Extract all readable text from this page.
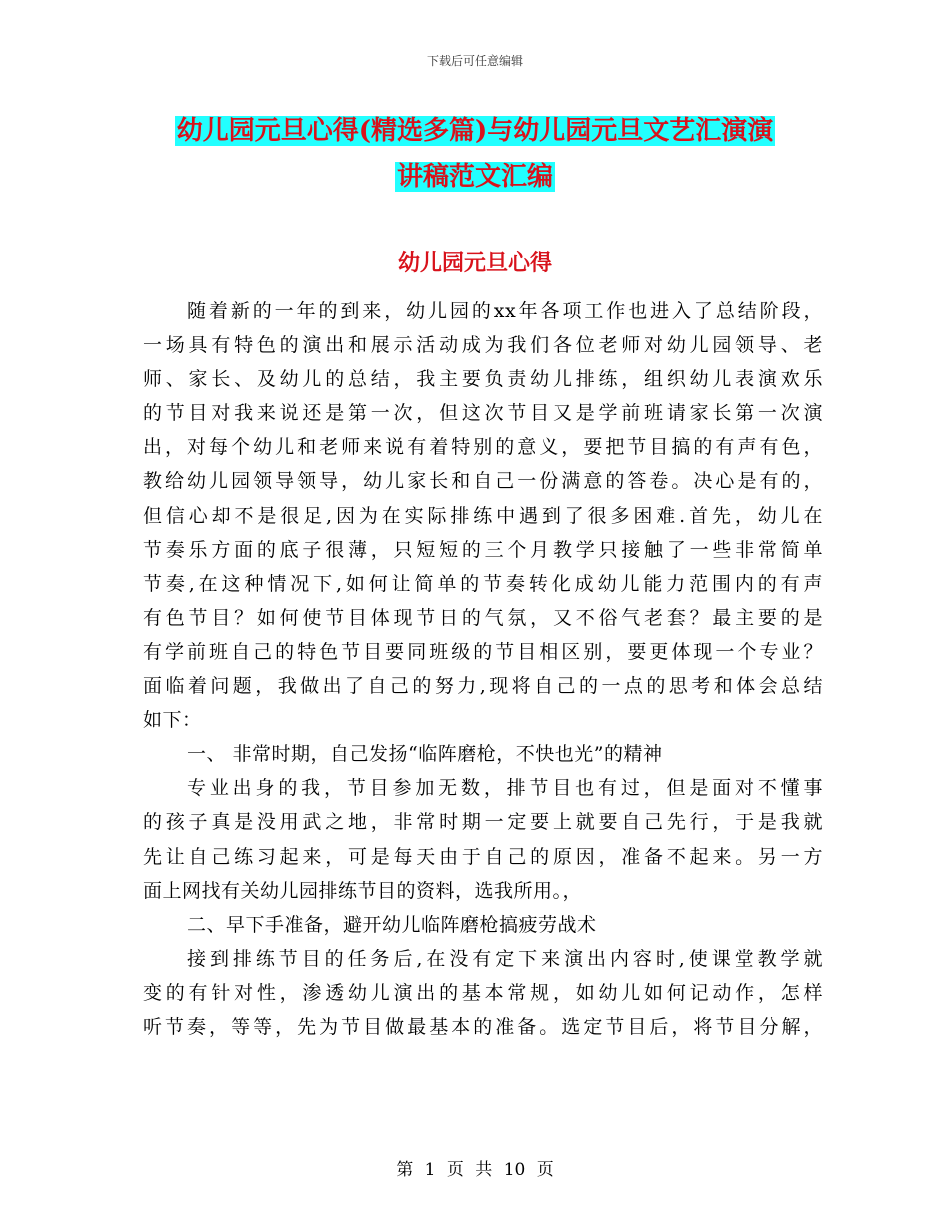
下载后可任意编辑
幼儿园元旦心得(精选多篇)与幼儿园元旦文艺汇演演
讲稿范文汇编
幼儿园元旦心得
随着新的一年的到来，幼儿园的xx年各项工作也进入了总结阶段，
一场具有特色的演出和展示活动成为我们各位老师对幼儿园领导、老
师、家长、及幼儿的总结，我主要负责幼儿排练，组织幼儿表演欢乐
的节目对我来说还是第一次，但这次节目又是学前班请家长第一次演
出，对每个幼儿和老师来说有着特别的意义，要把节目搞的有声有色，
教给幼儿园领导领导，幼儿家长和自己一份满意的答卷。决心是有的，
但信心却不是很足,因为在实际排练中遇到了很多困难.首先，幼儿在
节奏乐方面的底子很薄，只短短的三个月教学只接触了一些非常简单
节奏,在这种情况下,如何让简单的节奏转化成幼儿能力范围内的有声
有色节目？如何使节目体现节日的气氛，又不俗气老套？最主要的是
有学前班自己的特色节目要同班级的节目相区别，要更体现一个专业？
面临着问题，我做出了自己的努力,现将自己的一点的思考和体会总结
如下：
一、 非常时期，自己发扬“临阵磨枪，不快也光”的精神
专业出身的我，节目参加无数，排节目也有过，但是面对不懂事
的孩子真是没用武之地，非常时期一定要上就要自己先行，于是我就
先让自己练习起来，可是每天由于自己的原因，准备不起来。另一方
面上网找有关幼儿园排练节目的资料，选我所用。，
二、早下手准备，避开幼儿临阵磨枪搞疲劳战术
接到排练节目的任务后,在没有定下来演出内容时,使课堂教学就
变的有针对性，渗透幼儿演出的基本常规，如幼儿如何记动作，怎样
听节奏，等等，先为节目做最基本的准备。选定节目后，将节目分解，
第 1 页 共 10 页
